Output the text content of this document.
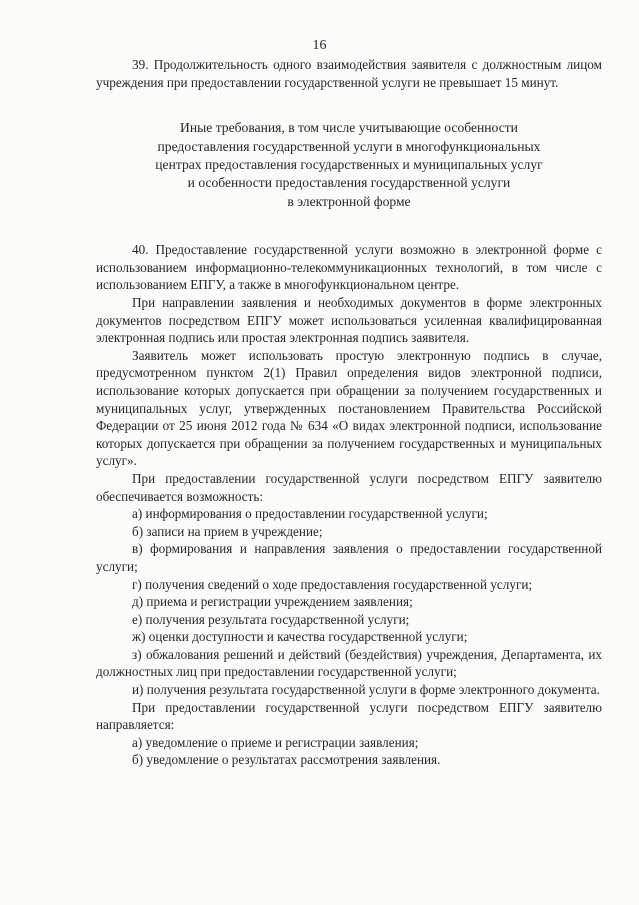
16

39. Продолжительность одного взаимодействия заявителя с должностным лицом учреждения при предоставлении государственной услуги не превышает 15 минут.

Иные требования, в том числе учитывающие особенности
предоставления государственной услуги в многофункциональных
центрах предоставления государственных и муниципальных услуг
и особенности предоставления государственной услуги
в электронной форме

40. Предоставление государственной услуги возможно в электронной форме с использованием информационно-телекоммуникационных технологий, в том числе с использованием ЕПГУ, а также в многофункциональном центре.

При направлении заявления и необходимых документов в форме электронных документов посредством ЕПГУ может использоваться усиленная квалифицированная электронная подпись или простая электронная подпись заявителя.

Заявитель может использовать простую электронную подпись в случае, предусмотренном пунктом 2(1) Правил определения видов электронной подписи, использование которых допускается при обращении за получением государственных и муниципальных услуг, утвержденных постановлением Правительства Российской Федерации от 25 июня 2012 года № 634 «О видах электронной подписи, использование которых допускается при обращении за получением государственных и муниципальных услуг».

При предоставлении государственной услуги посредством ЕПГУ заявителю обеспечивается возможность:

а) информирования о предоставлении государственной услуги;

б) записи на прием в учреждение;

в) формирования и направления заявления о предоставлении государственной услуги;

г) получения сведений о ходе предоставления государственной услуги;

д) приема и регистрации учреждением заявления;

е) получения результата государственной услуги;

ж) оценки доступности и качества государственной услуги;

з) обжалования решений и действий (бездействия) учреждения, Департамента, их должностных лиц при предоставлении государственной услуги;

и) получения результата государственной услуги в форме электронного документа.

При предоставлении государственной услуги посредством ЕПГУ заявителю направляется:

а) уведомление о приеме и регистрации заявления;

б) уведомление о результатах рассмотрения заявления.
